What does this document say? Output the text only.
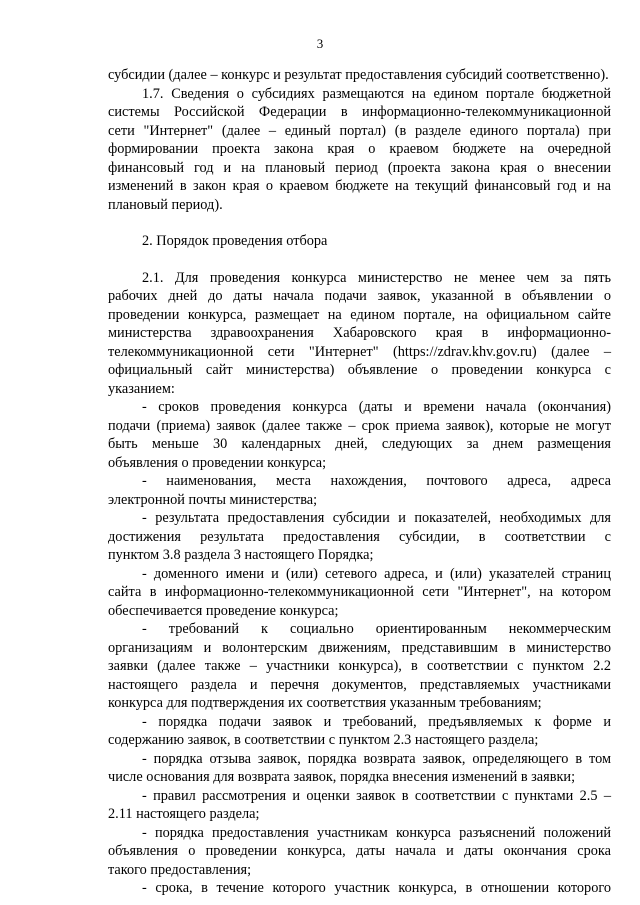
3
субсидии (далее – конкурс и результат предоставления субсидий соответственно).
1.7. Сведения о субсидиях размещаются на едином портале бюджетной
системы Российской Федерации в информационно-телекоммуникационной
сети "Интернет" (далее – единый портал) (в разделе единого портала) при
формировании проекта закона края о краевом бюджете на очередной
финансовый год и на плановый период (проекта закона края о внесении
изменений в закон края о краевом бюджете на текущий финансовый год и на
плановый период).
2. Порядок проведения отбора
2.1. Для проведения конкурса министерство не менее чем за пять
рабочих дней до даты начала подачи заявок, указанной в объявлении о
проведении конкурса, размещает на едином портале, на официальном сайте
министерства здравоохранения Хабаровского края в информационно-
телекоммуникационной сети "Интернет" (https://zdrav.khv.gov.ru) (далее –
официальный сайт министерства) объявление о проведении конкурса с
указанием:
- сроков проведения конкурса (даты и времени начала (окончания)
подачи (приема) заявок (далее также – срок приема заявок), которые не могут
быть меньше 30 календарных дней, следующих за днем размещения
объявления о проведении конкурса;
- наименования, места нахождения, почтового адреса, адреса
электронной почты министерства;
- результата предоставления субсидии и показателей, необходимых для
достижения результата предоставления субсидии, в соответствии с
пунктом 3.8 раздела 3 настоящего Порядка;
- доменного имени и (или) сетевого адреса, и (или) указателей страниц
сайта в информационно-телекоммуникационной сети "Интернет", на котором
обеспечивается проведение конкурса;
- требований к социально ориентированным некоммерческим
организациям и волонтерским движениям, представившим в министерство
заявки (далее также – участники конкурса), в соответствии с пунктом 2.2
настоящего раздела и перечня документов, представляемых участниками
конкурса для подтверждения их соответствия указанным требованиям;
- порядка подачи заявок и требований, предъявляемых к форме и
содержанию заявок, в соответствии с пунктом 2.3 настоящего раздела;
- порядка отзыва заявок, порядка возврата заявок, определяющего в том
числе основания для возврата заявок, порядка внесения изменений в заявки;
- правил рассмотрения и оценки заявок в соответствии с пунктами 2.5 –
2.11 настоящего раздела;
- порядка предоставления участникам конкурса разъяснений положений
объявления о проведении конкурса, даты начала и даты окончания срока
такого предоставления;
- срока, в течение которого участник конкурса, в отношении которого
